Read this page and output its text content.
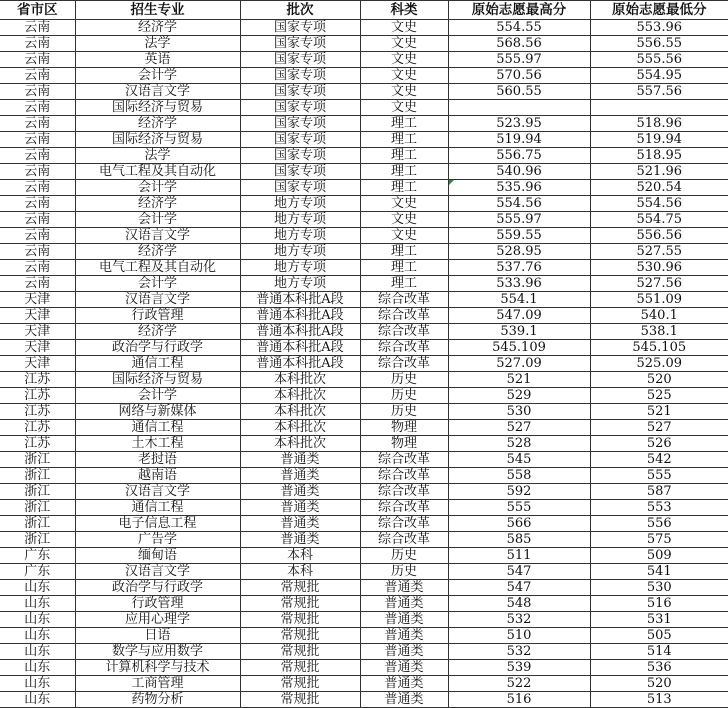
省市区	招生专业	批次	科类	原始志愿最高分	原始志愿最低分
云南	经济学	国家专项	文史	554.55	553.96
云南	法学	国家专项	文史	568.56	556.55
云南	英语	国家专项	文史	555.97	555.56
云南	会计学	国家专项	文史	570.56	554.95
云南	汉语言文学	国家专项	文史	560.55	557.56
云南	国际经济与贸易	国家专项	文史		
云南	经济学	国家专项	理工	523.95	518.96
云南	国际经济与贸易	国家专项	理工	519.94	519.94
云南	法学	国家专项	理工	556.75	518.95
云南	电气工程及其自动化	国家专项	理工	540.96	521.96
云南	会计学	国家专项	理工	535.96	520.54
云南	经济学	地方专项	文史	554.56	554.56
云南	会计学	地方专项	文史	555.97	554.75
云南	汉语言文学	地方专项	文史	559.55	556.56
云南	经济学	地方专项	理工	528.95	527.55
云南	电气工程及其自动化	地方专项	理工	537.76	530.96
云南	会计学	地方专项	理工	533.96	527.56
天津	汉语言文学	普通本科批A段	综合改革	554.1	551.09
天津	行政管理	普通本科批A段	综合改革	547.09	540.1
天津	经济学	普通本科批A段	综合改革	539.1	538.1
天津	政治学与行政学	普通本科批A段	综合改革	545.109	545.105
天津	通信工程	普通本科批A段	综合改革	527.09	525.09
江苏	国际经济与贸易	本科批次	历史	521	520
江苏	会计学	本科批次	历史	529	525
江苏	网络与新媒体	本科批次	历史	530	521
江苏	通信工程	本科批次	物理	527	527
江苏	土木工程	本科批次	物理	528	526
浙江	老挝语	普通类	综合改革	545	542
浙江	越南语	普通类	综合改革	558	555
浙江	汉语言文学	普通类	综合改革	592	587
浙江	通信工程	普通类	综合改革	555	553
浙江	电子信息工程	普通类	综合改革	566	556
浙江	广告学	普通类	综合改革	585	575
广东	缅甸语	本科	历史	511	509
广东	汉语言文学	本科	历史	547	541
山东	政治学与行政学	常规批	普通类	547	530
山东	行政管理	常规批	普通类	548	516
山东	应用心理学	常规批	普通类	532	531
山东	日语	常规批	普通类	510	505
山东	数学与应用数学	常规批	普通类	532	514
山东	计算机科学与技术	常规批	普通类	539	536
山东	工商管理	常规批	普通类	522	520
山东	药物分析	常规批	普通类	516	513
